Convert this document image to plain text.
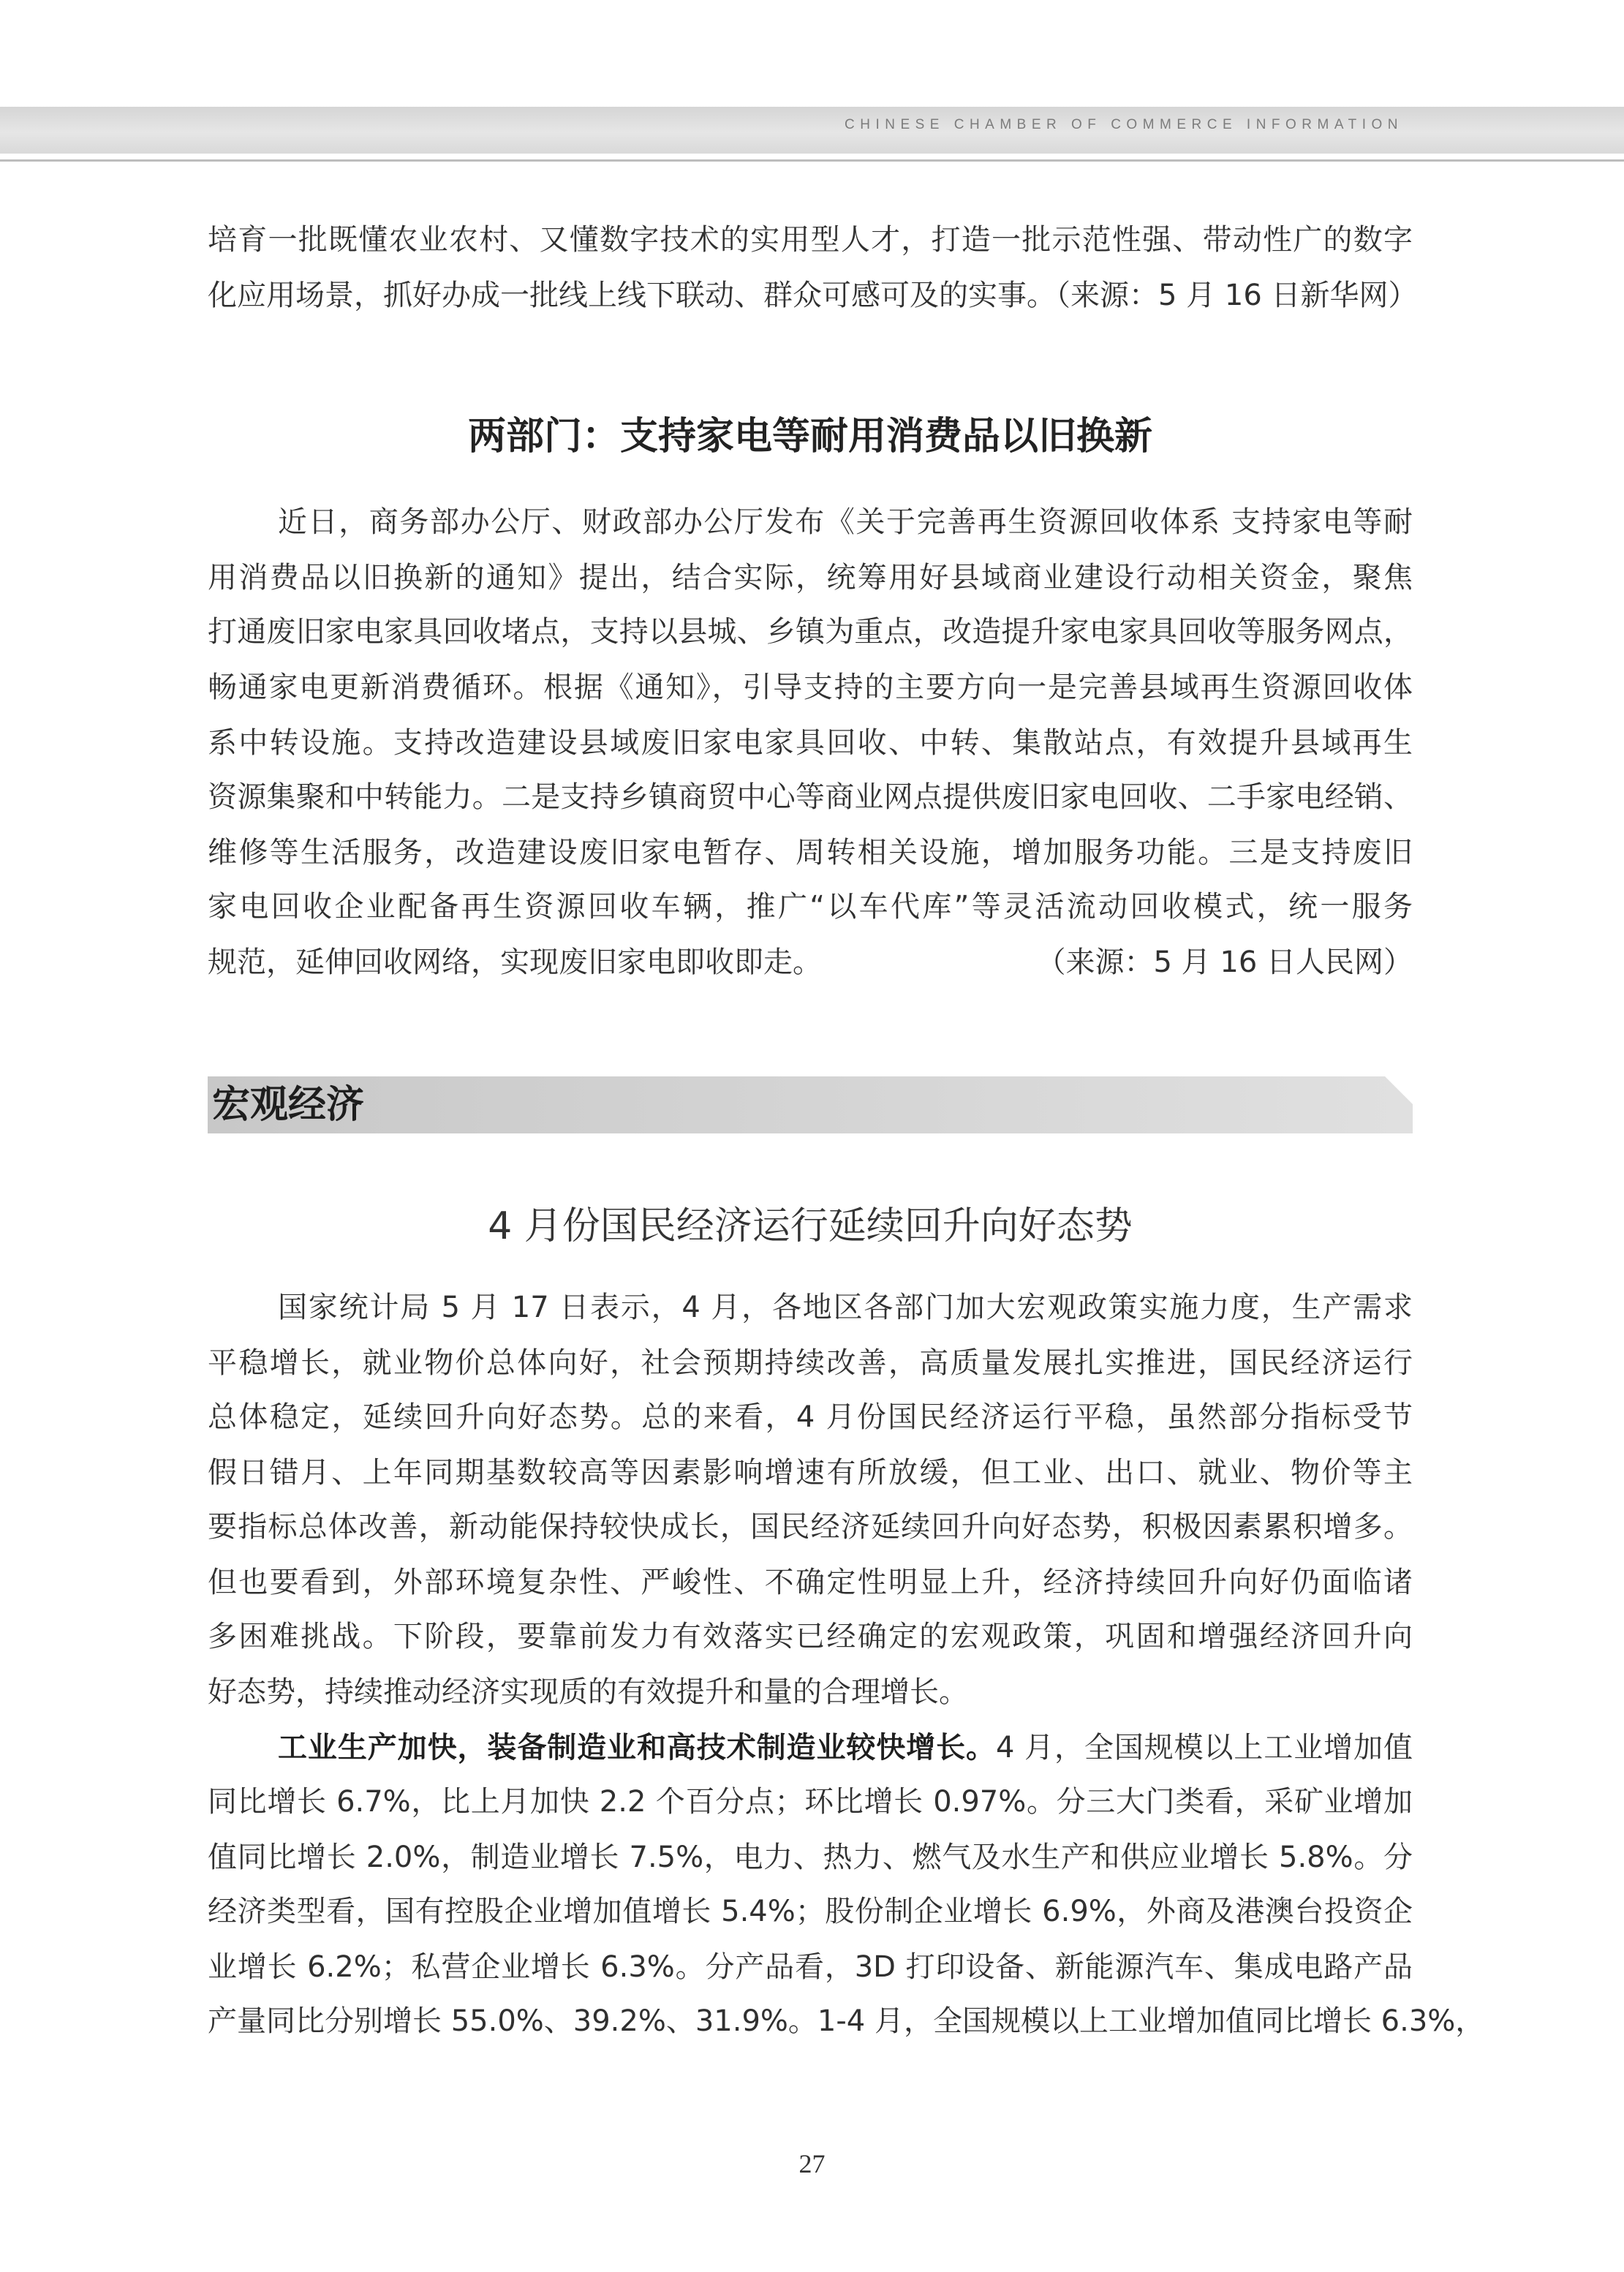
CHINESE CHAMBER OF COMMERCE INFORMATION

培育一批既懂农业农村、又懂数字技术的实用型人才，打造一批示范性强、带动性广的数字

化应用场景，抓好办成一批线上线下联动、群众可感可及的实事。（来源：5 月 16 日新华网）

两部门：支持家电等耐用消费品以旧换新

近日，商务部办公厅、财政部办公厅发布《关于完善再生资源回收体系 支持家电等耐

用消费品以旧换新的通知》提出，结合实际，统筹用好县域商业建设行动相关资金，聚焦

打通废旧家电家具回收堵点，支持以县城、乡镇为重点，改造提升家电家具回收等服务网点，

畅通家电更新消费循环。根据《通知》，引导支持的主要方向一是完善县域再生资源回收体

系中转设施。支持改造建设县域废旧家电家具回收、中转、集散站点，有效提升县域再生

资源集聚和中转能力。二是支持乡镇商贸中心等商业网点提供废旧家电回收、二手家电经销、

维修等生活服务，改造建设废旧家电暂存、周转相关设施，增加服务功能。三是支持废旧

家电回收企业配备再生资源回收车辆，推广“以车代库”等灵活流动回收模式，统一服务

规范，延伸回收网络，实现废旧家电即收即走。	（来源：5 月 16 日人民网）
4 月份国民经济运行延续回升向好态势

国家统计局 5 月 17 日表示，4 月，各地区各部门加大宏观政策实施力度，生产需求

平稳增长，就业物价总体向好，社会预期持续改善，高质量发展扎实推进，国民经济运行

总体稳定，延续回升向好态势。总的来看，4 月份国民经济运行平稳，虽然部分指标受节

假日错月、上年同期基数较高等因素影响增速有所放缓，但工业、出口、就业、物价等主

要指标总体改善，新动能保持较快成长，国民经济延续回升向好态势，积极因素累积增多。

但也要看到，外部环境复杂性、严峻性、不确定性明显上升，经济持续回升向好仍面临诸

多困难挑战。下阶段，要靠前发力有效落实已经确定的宏观政策，巩固和增强经济回升向

好态势，持续推动经济实现质的有效提升和量的合理增长。

工业生产加快，装备制造业和高技术制造业较快增长。4 月，全国规模以上工业增加值

同比增长 6.7%，比上月加快 2.2 个百分点；环比增长 0.97%。分三大门类看，采矿业增加

值同比增长 2.0%，制造业增长 7.5%，电力、热力、燃气及水生产和供应业增长 5.8%。分

经济类型看，国有控股企业增加值增长 5.4%；股份制企业增长 6.9%，外商及港澳台投资企

业增长 6.2%；私营企业增长 6.3%。分产品看，3D 打印设备、新能源汽车、集成电路产品

产量同比分别增长 55.0%、39.2%、31.9%。1-4 月，全国规模以上工业增加值同比增长 6.3%，

宏观经济
27
